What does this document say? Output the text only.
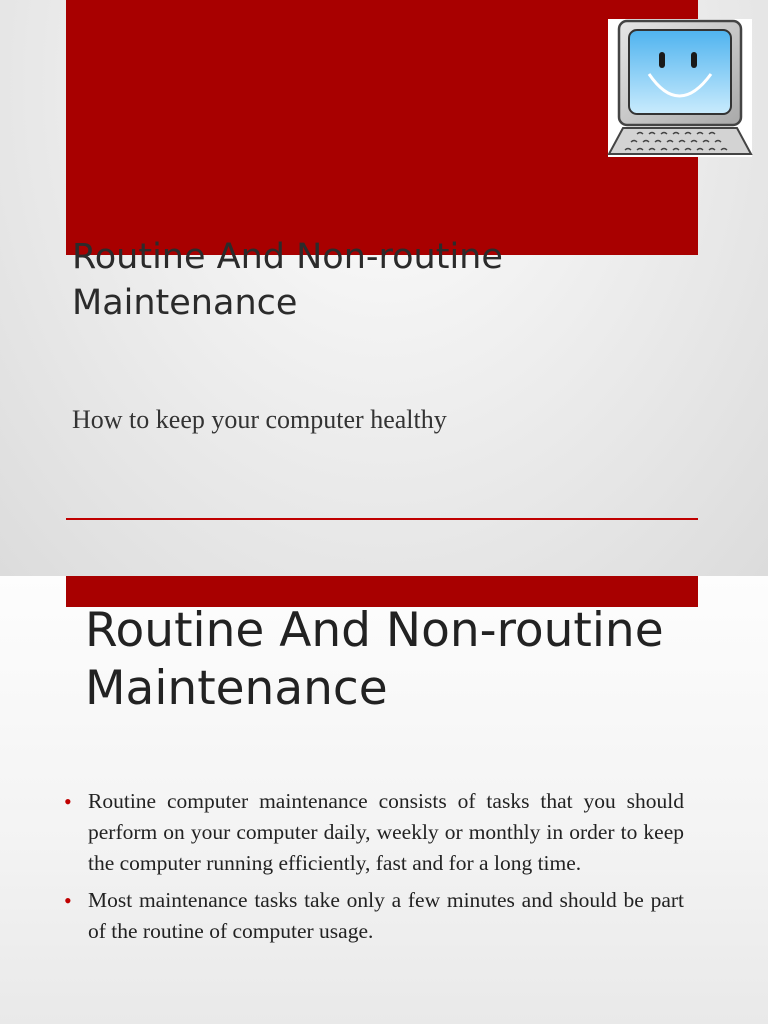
Routine And Non-routine Maintenance

How to keep your computer healthy

Routine And Non-routine Maintenance
• Routine computer maintenance consists of tasks that you should perform on your computer daily, weekly or monthly in order to keep the computer running efficiently, fast and for a long time.
• Most maintenance tasks take only a few minutes and should be part of the routine of computer usage.
